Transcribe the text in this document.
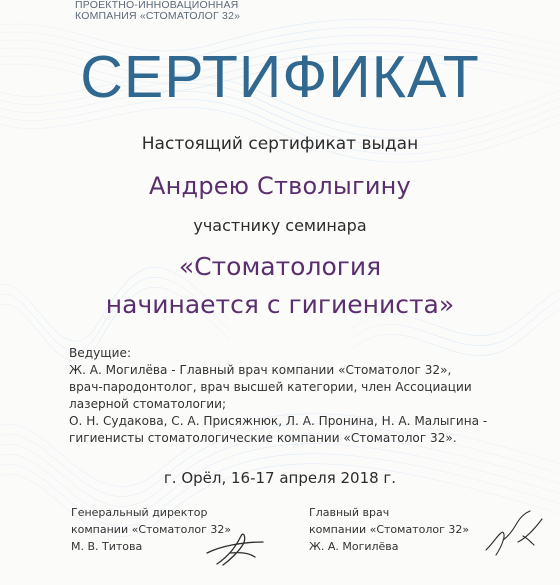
ПРОЕКТНО-ИННОВАЦИОННАЯ
КОМПАНИЯ «СТОМАТОЛОГ 32»
СЕРТИФИКАТ
Настоящий сертификат выдан
Андрею Стволыгину
участнику семинара
«Стоматология
начинается с гигиениста»
Ведущие:
Ж. А. Могилёва - Главный врач компании «Стоматолог 32»,
врач-пародонтолог, врач высшей категории, член Ассоциации
лазерной стоматологии;
О. Н. Судакова, С. А. Присяжнюк, Л. А. Пронина, Н. А. Малыгина -
гигиенисты стоматологические компании «Стоматолог 32».
г. Орёл, 16-17 апреля 2018 г.
Генеральный директор
компании «Стоматолог 32»
М. В. Титова
Главный врач
компании «Стоматолог 32»
Ж. А. Могилёва
